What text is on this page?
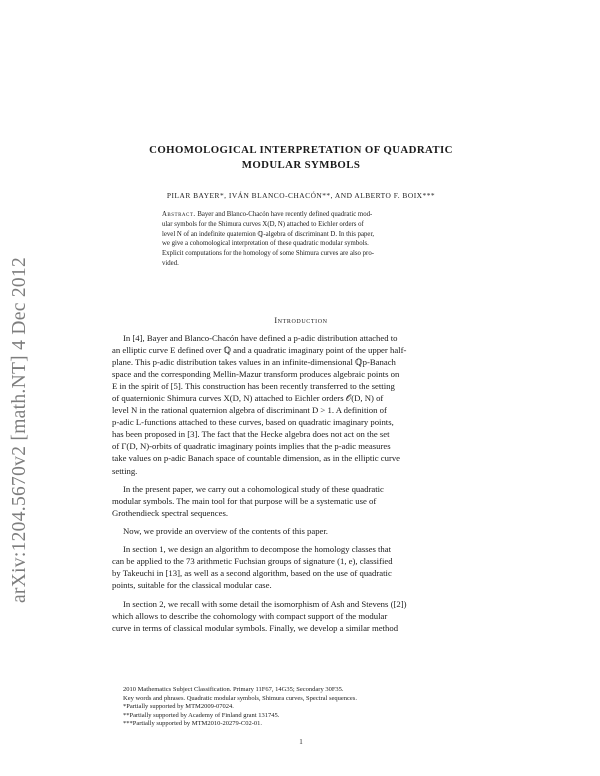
arXiv:1204.5670v2 [math.NT] 4 Dec 2012
COHOMOLOGICAL INTERPRETATION OF QUADRATIC
MODULAR SYMBOLS
PILAR BAYER*, IVÁN BLANCO-CHACÓN**, AND ALBERTO F. BOIX***
Abstract. Bayer and Blanco-Chacón have recently defined quadratic mod-
ular symbols for the Shimura curves X(D, N) attached to Eichler orders of
level N of an indefinite quaternion ℚ-algebra of discriminant D. In this paper,
we give a cohomological interpretation of these quadratic modular symbols.
Explicit computations for the homology of some Shimura curves are also pro-
vided.
Introduction
In [4], Bayer and Blanco-Chacón have defined a p-adic distribution attached to
an elliptic curve E defined over ℚ and a quadratic imaginary point of the upper half-
plane. This p-adic distribution takes values in an infinite-dimensional ℚp-Banach
space and the corresponding Mellin-Mazur transform produces algebraic points on
E in the spirit of [5]. This construction has been recently transferred to the setting
of quaternionic Shimura curves X(D, N) attached to Eichler orders 𝒪(D, N) of
level N in the rational quaternion algebra of discriminant D > 1. A definition of
p-adic L-functions attached to these curves, based on quadratic imaginary points,
has been proposed in [3]. The fact that the Hecke algebra does not act on the set
of Γ(D, N)-orbits of quadratic imaginary points implies that the p-adic measures
take values on p-adic Banach space of countable dimension, as in the elliptic curve
setting.
In the present paper, we carry out a cohomological study of these quadratic
modular symbols. The main tool for that purpose will be a systematic use of
Grothendieck spectral sequences.
Now, we provide an overview of the contents of this paper.
In section 1, we design an algorithm to decompose the homology classes that
can be applied to the 73 arithmetic Fuchsian groups of signature (1, e), classified
by Takeuchi in [13], as well as a second algorithm, based on the use of quadratic
points, suitable for the classical modular case.
In section 2, we recall with some detail the isomorphism of Ash and Stevens ([2])
which allows to describe the cohomology with compact support of the modular
curve in terms of classical modular symbols. Finally, we develop a similar method
2010 Mathematics Subject Classification. Primary 11F67, 14G35; Secondary 30F35.
Key words and phrases. Quadratic modular symbols, Shimura curves, Spectral sequences.
*Partially supported by MTM2009-07024.
**Partially supported by Academy of Finland grant 131745.
***Partially supported by MTM2010-20279-C02-01.
1
